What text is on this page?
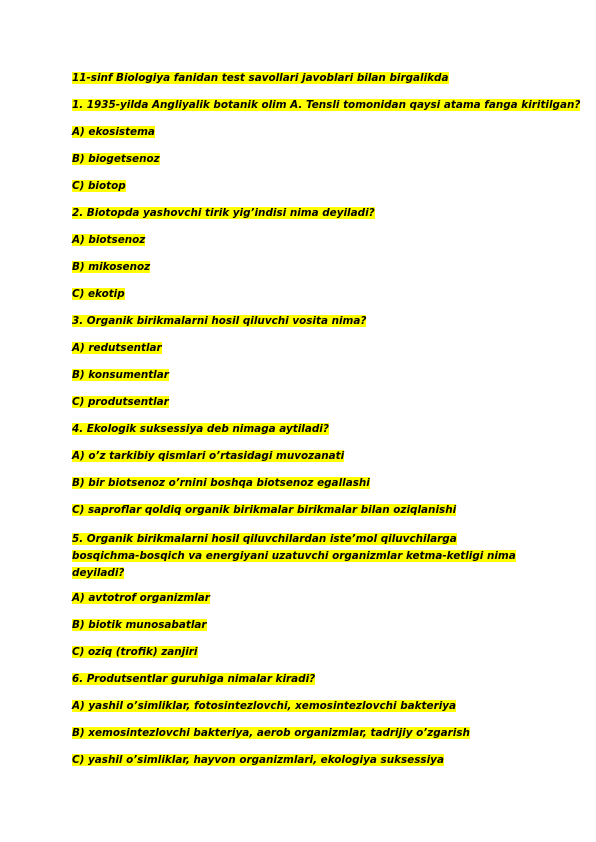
11-sinf Biologiya fanidan test savollari javoblari bilan birgalikda

1. 1935-yilda Angliyalik botanik olim A. Tensli tomonidan qaysi atama fanga kiritilgan?

A) ekosistema

B) biogetsenoz

C) biotop

2. Biotopda yashovchi tirik yig’indisi nima deyiladi?

A) biotsenoz

B) mikosenoz

C) ekotip

3. Organik birikmalarni hosil qiluvchi vosita nima?

A) redutsentlar

B) konsumentlar

C) produtsentlar

4. Ekologik suksessiya deb nimaga aytiladi?

A) o’z tarkibiy qismlari o’rtasidagi muvozanati

B) bir biotsenoz o’rnini boshqa biotsenoz egallashi

C) saproflar qoldiq organik birikmalar birikmalar bilan oziqlanishi

5. Organik birikmalarni hosil qiluvchilardan iste’mol qiluvchilarga bosqichma-bosqich va energiyani uzatuvchi organizmlar ketma-ketligi nima deyiladi?

A) avtotrof organizmlar

B) biotik munosabatlar

C) oziq (trofik) zanjiri

6. Produtsentlar guruhiga nimalar kiradi?

A) yashil o’simliklar, fotosintezlovchi, xemosintezlovchi bakteriya

B) xemosintezlovchi bakteriya, aerob organizmlar, tadrijiy o’zgarish

C) yashil o’simliklar, hayvon organizmlari, ekologiya suksessiya
